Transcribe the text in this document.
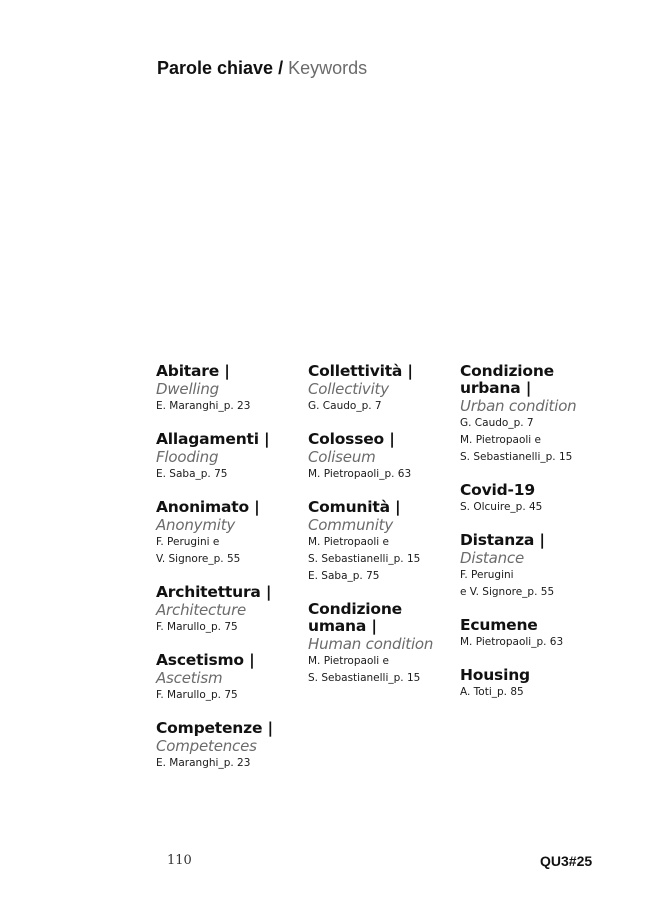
Parole chiave / Keywords
Abitare |
Dwelling
E. Maranghi_p. 23
Allagamenti |
Flooding
E. Saba_p. 75
Anonimato |
Anonymity
F. Perugini e
V. Signore_p. 55
Architettura |
Architecture
F. Marullo_p. 75
Ascetismo |
Ascetism
F. Marullo_p. 75
Competenze |
Competences
E. Maranghi_p. 23
Collettività |
Collectivity
G. Caudo_p. 7
Colosseo |
Coliseum
M. Pietropaoli_p. 63
Comunità |
Community
M. Pietropaoli e
S. Sebastianelli_p. 15
E. Saba_p. 75
Condizione
umana |
Human condition
M. Pietropaoli e
S. Sebastianelli_p. 15
Condizione
urbana |
Urban condition
G. Caudo_p. 7
M. Pietropaoli e
S. Sebastianelli_p. 15
Covid-19
S. Olcuire_p. 45
Distanza |
Distance
F. Perugini
e V. Signore_p. 55
Ecumene
M. Pietropaoli_p. 63
Housing
A. Toti_p. 85
110	QU3#25
